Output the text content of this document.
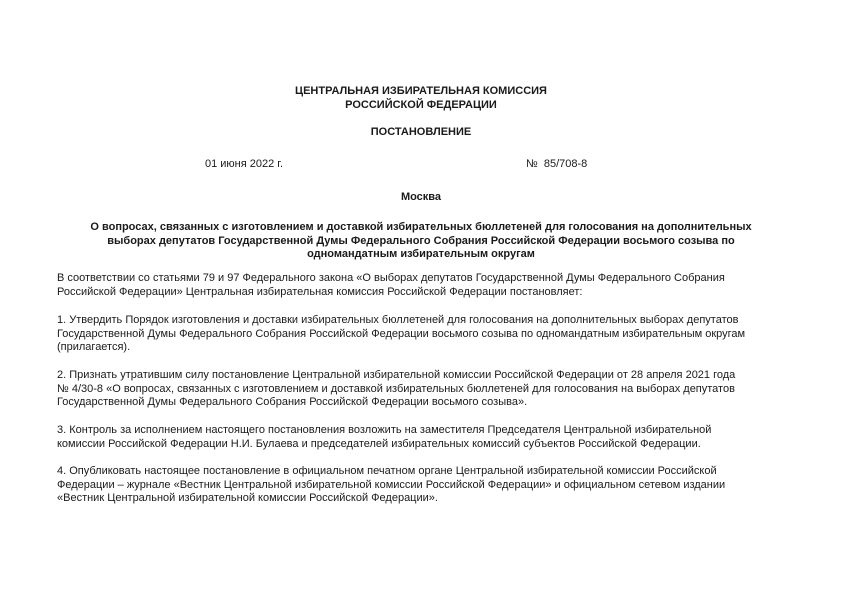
ЦЕНТРАЛЬНАЯ ИЗБИРАТЕЛЬНАЯ КОМИССИЯ
РОССИЙСКОЙ ФЕДЕРАЦИИ
ПОСТАНОВЛЕНИЕ
01 июня 2022 г.	№ 85/708-8
Москва
О вопросах, связанных с изготовлением и доставкой избирательных бюллетеней для голосования на дополнительных
выборах депутатов Государственной Думы Федерального Собрания Российской Федерации восьмого созыва по
одномандатным избирательным округам
В соответствии со статьями 79 и 97 Федерального закона «О выборах депутатов Государственной Думы Федерального Собрания
Российской Федерации» Центральная избирательная комиссия Российской Федерации постановляет:
1. Утвердить Порядок изготовления и доставки избирательных бюллетеней для голосования на дополнительных выборах депутатов
Государственной Думы Федерального Собрания Российской Федерации восьмого созыва по одномандатным избирательным округам
(прилагается).
2. Признать утратившим силу постановление Центральной избирательной комиссии Российской Федерации от 28 апреля 2021 года
№ 4/30-8 «О вопросах, связанных с изготовлением и доставкой избирательных бюллетеней для голосования на выборах депутатов
Государственной Думы Федерального Собрания Российской Федерации восьмого созыва».
3. Контроль за исполнением настоящего постановления возложить на заместителя Председателя Центральной избирательной
комиссии Российской Федерации Н.И. Булаева и председателей избирательных комиссий субъектов Российской Федерации.
4. Опубликовать настоящее постановление в официальном печатном органе Центральной избирательной комиссии Российской
Федерации – журнале «Вестник Центральной избирательной комиссии Российской Федерации» и официальном сетевом издании
«Вестник Центральной избирательной комиссии Российской Федерации».
